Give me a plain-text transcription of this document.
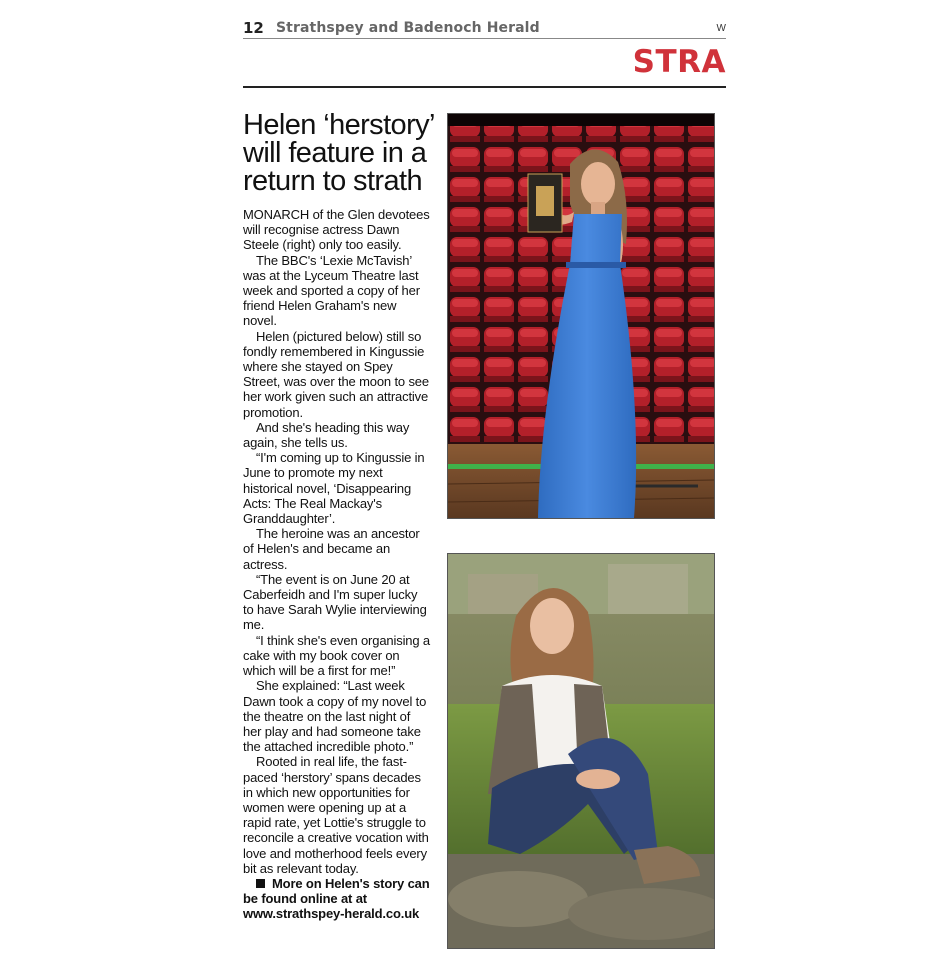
12 Strathspey and Badenoch Herald	W
STRA
Helen ‘herstory’ will feature in a return to strath

MONARCH of the Glen devotees will recognise actress Dawn Steele (right) only too easily.

The BBC's ‘Lexie McTavish’ was at the Lyceum Theatre last week and sported a copy of her friend Helen Graham's new novel.

Helen (pictured below) still so fondly remembered in Kingussie where she stayed on Spey Street, was over the moon to see her work given such an attractive promotion.

And she's heading this way again, she tells us.

“I'm coming up to Kingussie in June to promote my next historical novel, ‘Disappearing Acts: The Real Mackay's Granddaughter’.

The heroine was an ancestor of Helen's and became an actress.

“The event is on June 20 at Caberfeidh and I'm super lucky to have Sarah Wylie interviewing me.

“I think she's even organising a cake with my book cover on which will be a first for me!”

She explained: “Last week Dawn took a copy of my novel to the theatre on the last night of her play and had someone take the attached incredible photo.”

Rooted in real life, the fast-paced ‘herstory’ spans decades in which new opportunities for women were opening up at a rapid rate, yet Lottie's struggle to reconcile a creative vocation with love and motherhood feels every bit as relevant today.

More on Helen's story can be found online at at www.strathspey-herald.co.uk
